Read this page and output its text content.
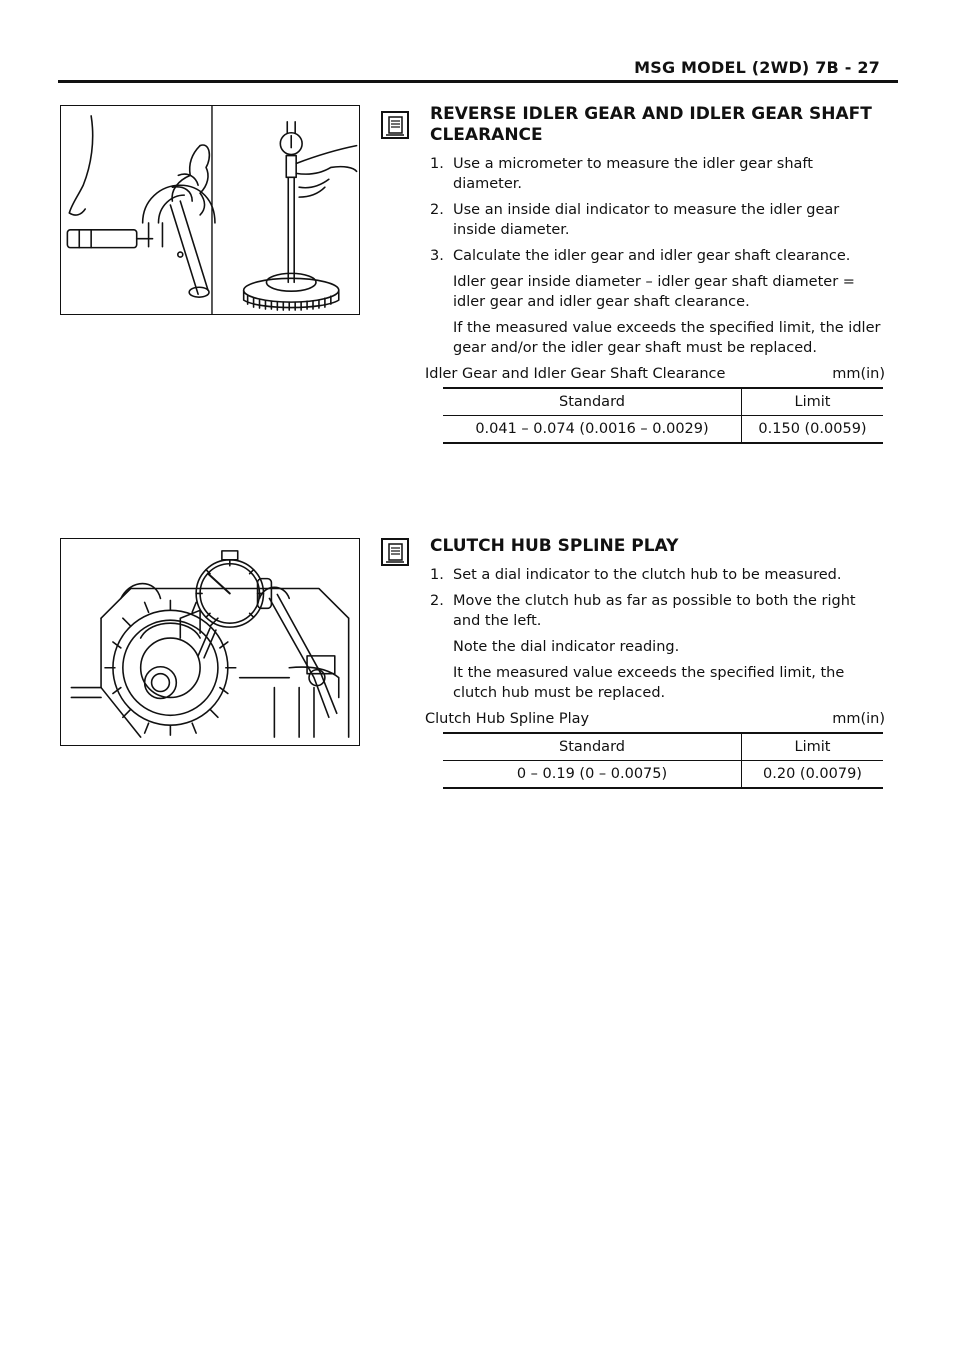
MSG MODEL (2WD) 7B - 27
REVERSE IDLER GEAR AND IDLER GEAR SHAFT CLEARANCE
1. Use a micrometer to measure the idler gear shaft diameter.
2. Use an inside dial indicator to measure the idler gear inside diameter.
3. Calculate the idler gear and idler gear shaft clearance.
Idler gear inside diameter – idler gear shaft diameter = idler gear and idler gear shaft clearance.
If the measured value exceeds the specified limit, the idler gear and/or the idler gear shaft must be replaced.
Idler Gear and Idler Gear Shaft Clearance	mm(in)
Standard	Limit
0.041 – 0.074 (0.0016 – 0.0029)	0.150 (0.0059)
CLUTCH HUB SPLINE PLAY
1. Set a dial indicator to the clutch hub to be measured.
2. Move the clutch hub as far as possible to both the right and the left.
Note the dial indicator reading.
It the measured value exceeds the specified limit, the clutch hub must be replaced.
Clutch Hub Spline Play	mm(in)
Standard	Limit
0 – 0.19 (0 – 0.0075)	0.20 (0.0079)
